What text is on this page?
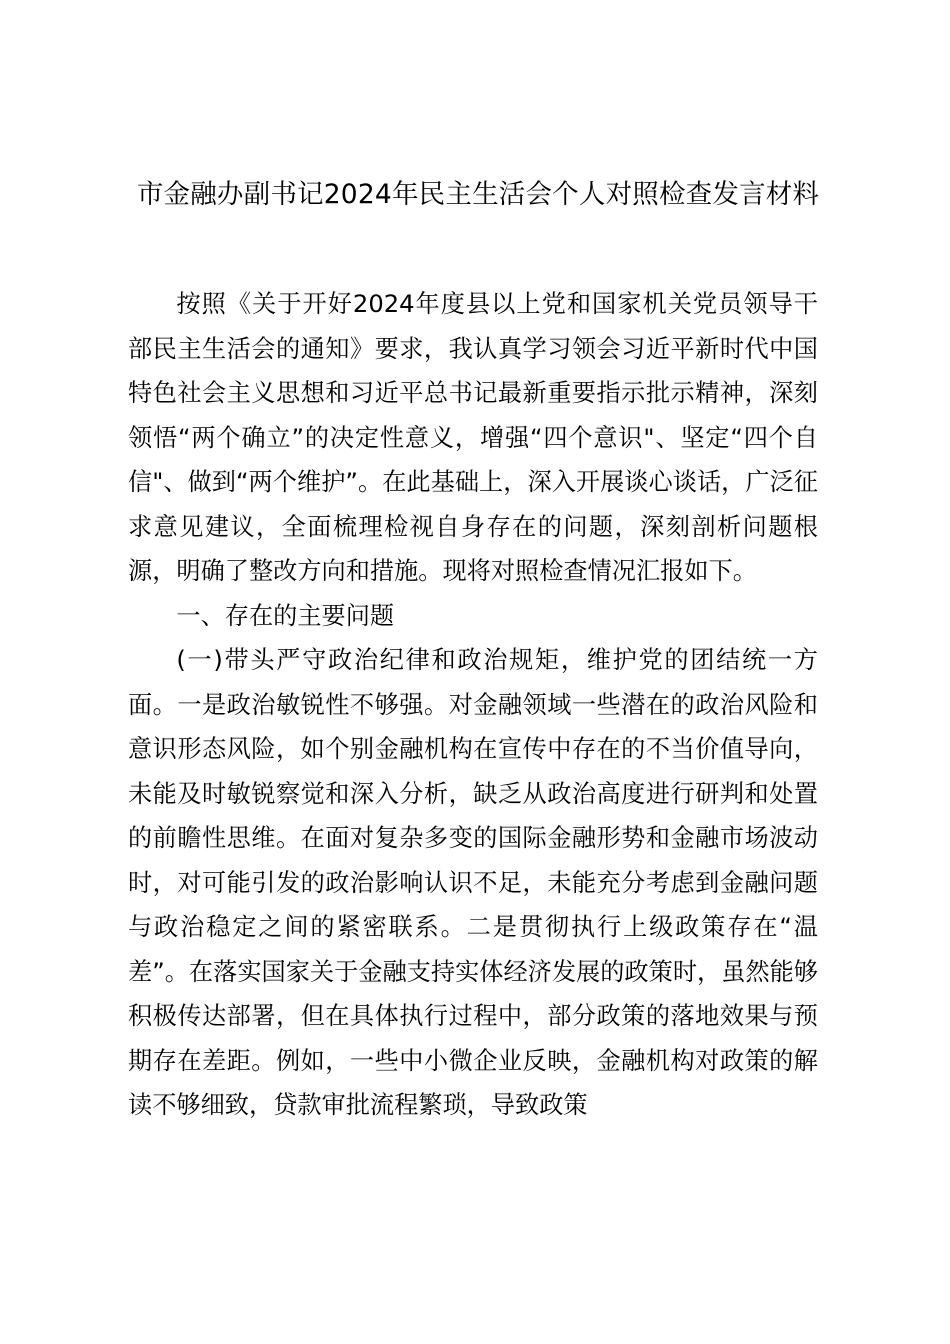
市金融办副书记2024年民主生活会个人对照检查发言材料

按照《关于开好2024年度县以上党和国家机关党员领导干部民主生活会的通知》要求，我认真学习领会习近平新时代中国特色社会主义思想和习近平总书记最新重要指示批示精神，深刻领悟“两个确立”的决定性意义，增强“四个意识"、坚定“四个自信"、做到“两个维护”。在此基础上，深入开展谈心谈话，广泛征求意见建议，全面梳理检视自身存在的问题，深刻剖析问题根源，明确了整改方向和措施。现将对照检查情况汇报如下。

一、存在的主要问题

(一)带头严守政治纪律和政治规矩，维护党的团结统一方面。一是政治敏锐性不够强。对金融领域一些潜在的政治风险和意识形态风险，如个别金融机构在宣传中存在的不当价值导向，未能及时敏锐察觉和深入分析，缺乏从政治高度进行研判和处置的前瞻性思维。在面对复杂多变的国际金融形势和金融市场波动时，对可能引发的政治影响认识不足，未能充分考虑到金融问题与政治稳定之间的紧密联系。二是贯彻执行上级政策存在“温差”。在落实国家关于金融支持实体经济发展的政策时，虽然能够积极传达部署，但在具体执行过程中，部分政策的落地效果与预期存在差距。例如，一些中小微企业反映，金融机构对政策的解读不够细致，贷款审批流程繁琐，导致政策
